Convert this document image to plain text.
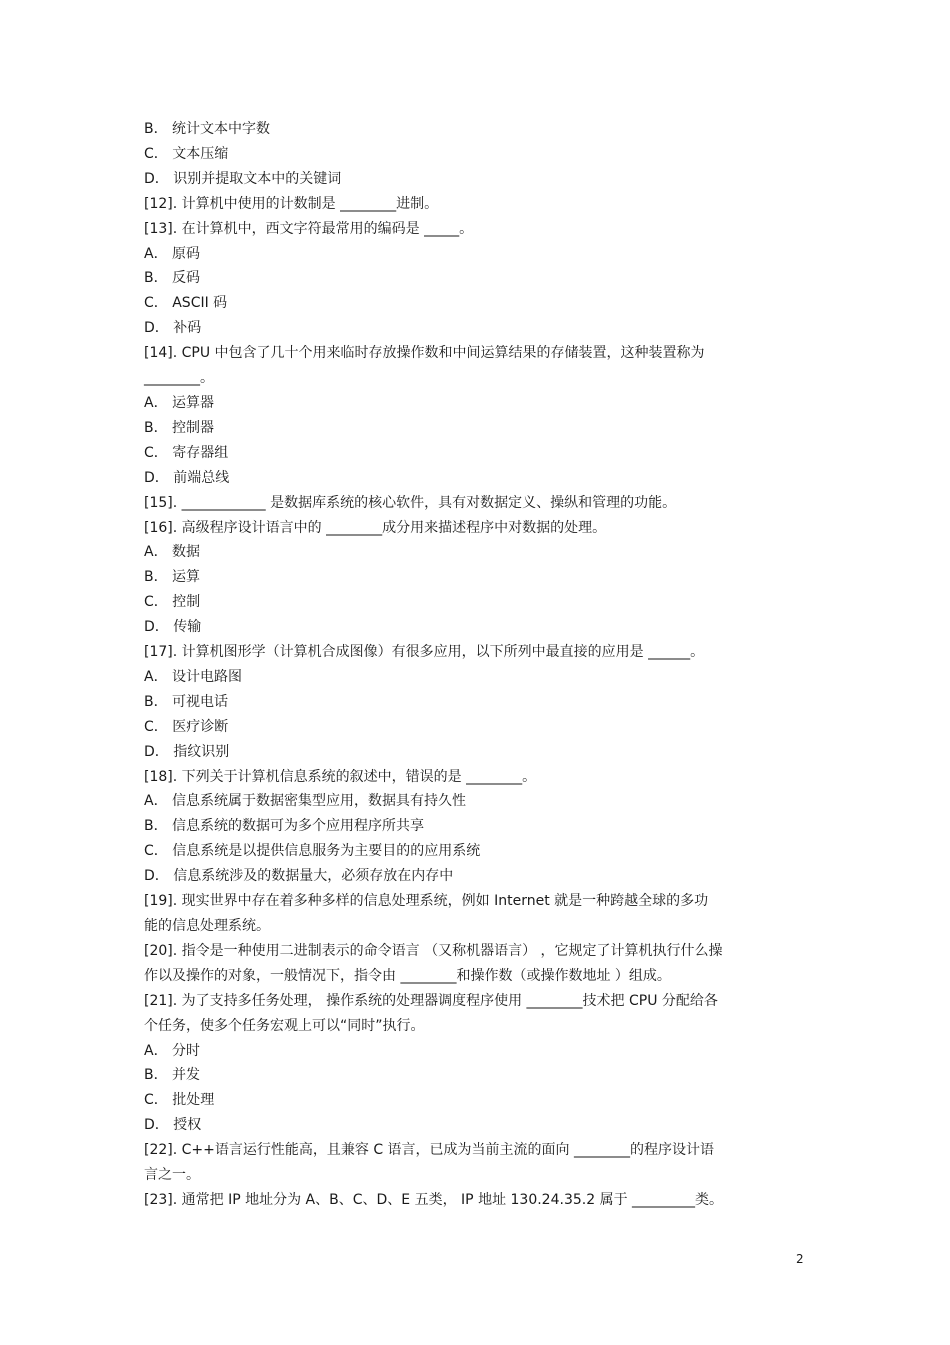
B． 统计文本中字数
C． 文本压缩
D． 识别并提取文本中的关键词
[12]. 计算机中使用的计数制是 ________进制。
[13]. 在计算机中，西文字符最常用的编码是 _____。
A． 原码
B． 反码
C． ASCII 码
D． 补码
[14]. CPU 中包含了几十个用来临时存放操作数和中间运算结果的存储装置，这种装置称为
________。
A． 运算器
B． 控制器
C． 寄存器组
D． 前端总线
[15]. ____________ 是数据库系统的核心软件，具有对数据定义、操纵和管理的功能。
[16]. 高级程序设计语言中的 ________成分用来描述程序中对数据的处理。
A． 数据
B． 运算
C． 控制
D． 传输
[17]. 计算机图形学（计算机合成图像）有很多应用，以下所列中最直接的应用是 ______。
A． 设计电路图
B． 可视电话
C． 医疗诊断
D． 指纹识别
[18]. 下列关于计算机信息系统的叙述中，错误的是 ________。
A． 信息系统属于数据密集型应用，数据具有持久性
B． 信息系统的数据可为多个应用程序所共享
C． 信息系统是以提供信息服务为主要目的的应用系统
D． 信息系统涉及的数据量大，必须存放在内存中
[19]. 现实世界中存在着多种多样的信息处理系统，例如 Internet 就是一种跨越全球的多功
能的信息处理系统。
[20]. 指令是一种使用二进制表示的命令语言 （又称机器语言） ，它规定了计算机执行什么操
作以及操作的对象，一般情况下，指令由 ________和操作数（或操作数地址 ）组成。
[21]. 为了支持多任务处理， 操作系统的处理器调度程序使用 ________技术把 CPU 分配给各
个任务，使多个任务宏观上可以“同时”执行。
A． 分时
B． 并发
C． 批处理
D． 授权
[22]. C++语言运行性能高，且兼容 C 语言，已成为当前主流的面向 ________的程序设计语
言之一。
[23]. 通常把 IP 地址分为 A、B、C、D、E 五类， IP 地址 130.24.35.2 属于 _________类。
2
